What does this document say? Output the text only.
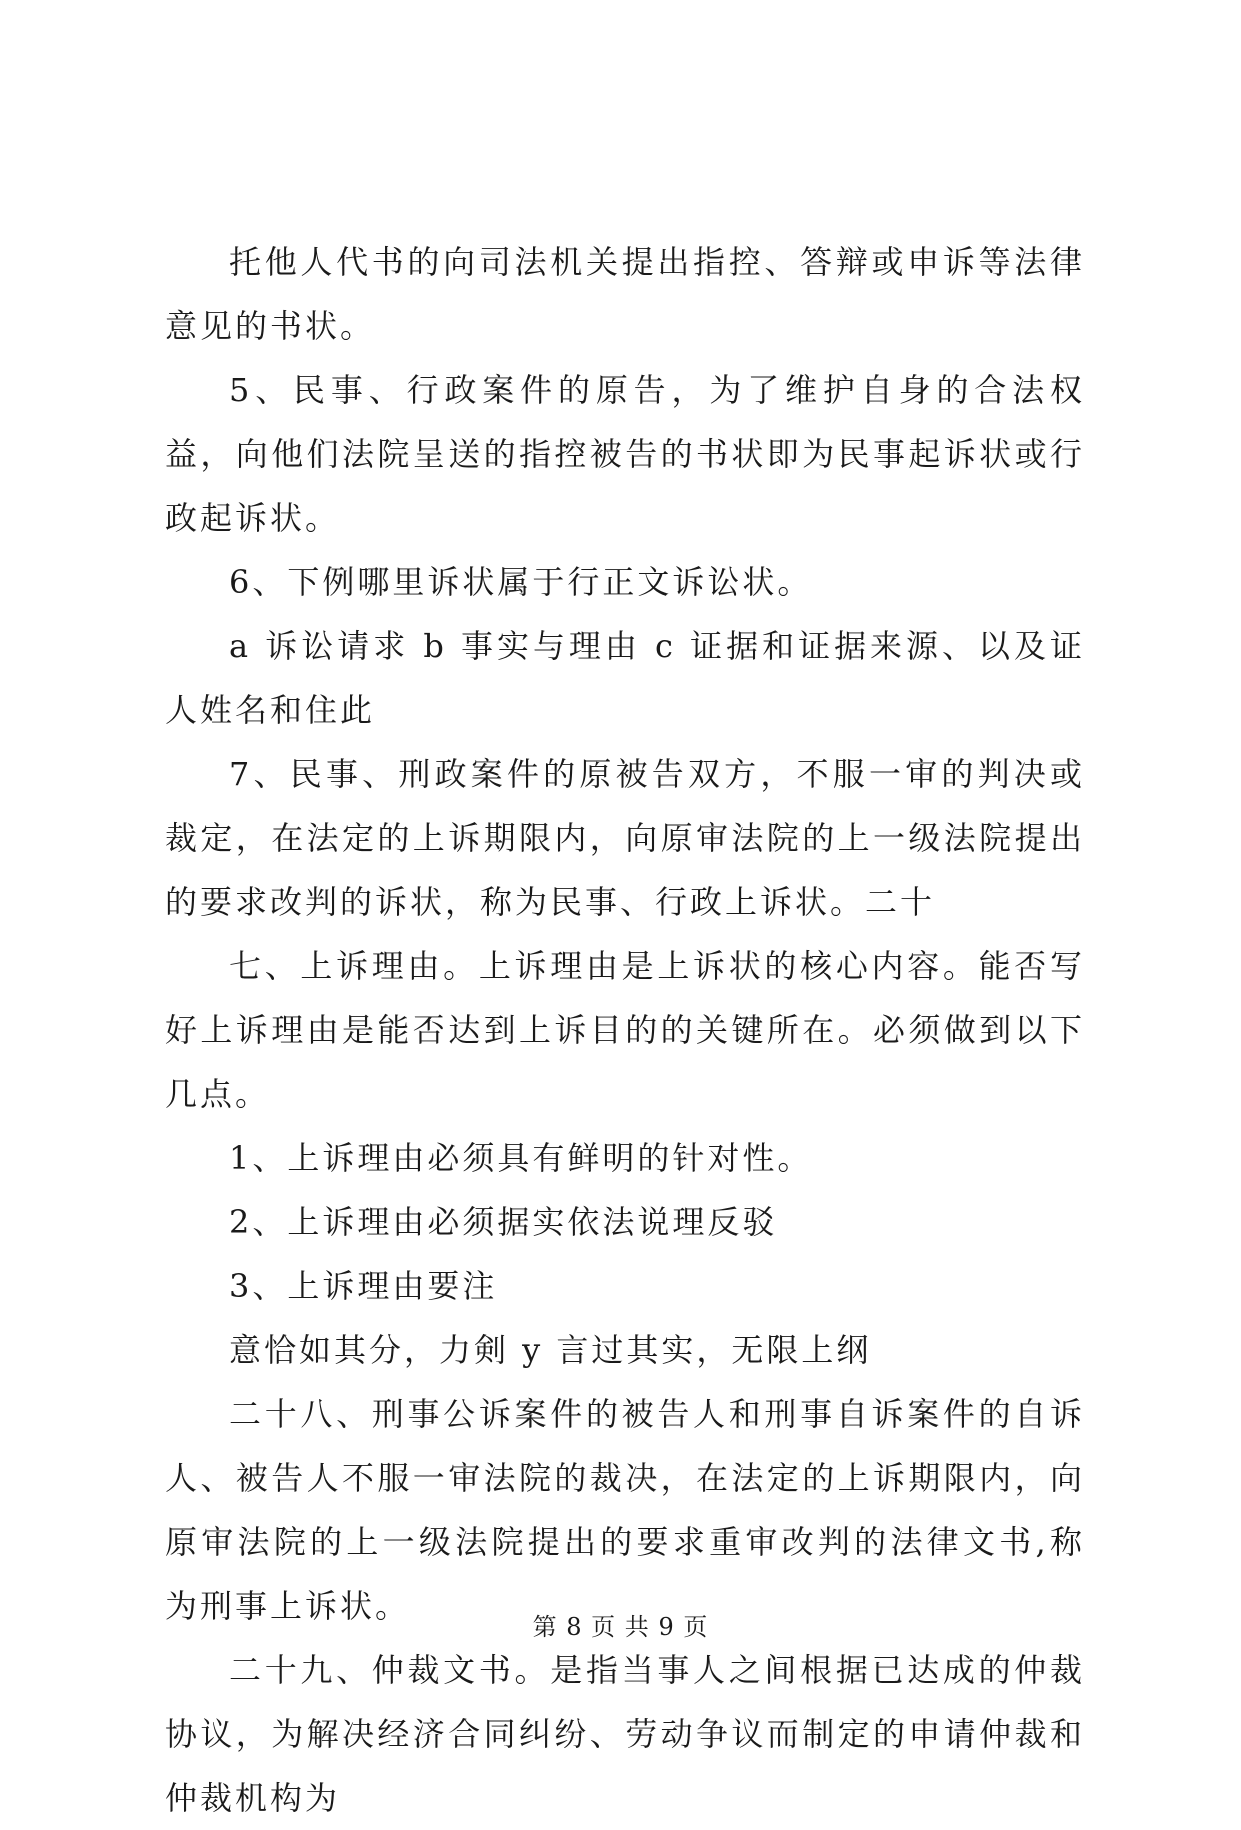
托他人代书的向司法机关提出指控、答辩或申诉等法律意见的书状。

5、民事、行政案件的原告，为了维护自身的合法权益，向他们法院呈送的指控被告的书状即为民事起诉状或行政起诉状。

6、下例哪里诉状属于行正文诉讼状。

a 诉讼请求 b 事实与理由 c 证据和证据来源、以及证人姓名和住此

7、民事、刑政案件的原被告双方，不服一审的判决或裁定，在法定的上诉期限内，向原审法院的上一级法院提出的要求改判的诉状，称为民事、行政上诉状。二十

七、上诉理由。上诉理由是上诉状的核心内容。能否写好上诉理由是能否达到上诉目的的关键所在。必须做到以下几点。

1、上诉理由必须具有鲜明的针对性。

2、上诉理由必须据实依法说理反驳

3、上诉理由要注

意恰如其分，力剣 y 言过其实，无限上纲

二十八、刑事公诉案件的被告人和刑事自诉案件的自诉人、被告人不服一审法院的裁决，在法定的上诉期限内，向原审法院的上一级法院提出的要求重审改判的法律文书,称为刑事上诉状。

二十九、仲裁文书。是指当事人之间根据已达成的仲裁协议，为解决经济合同纠纷、劳动争议而制定的申请仲裁和仲裁机构为

第 8 页 共 9 页
